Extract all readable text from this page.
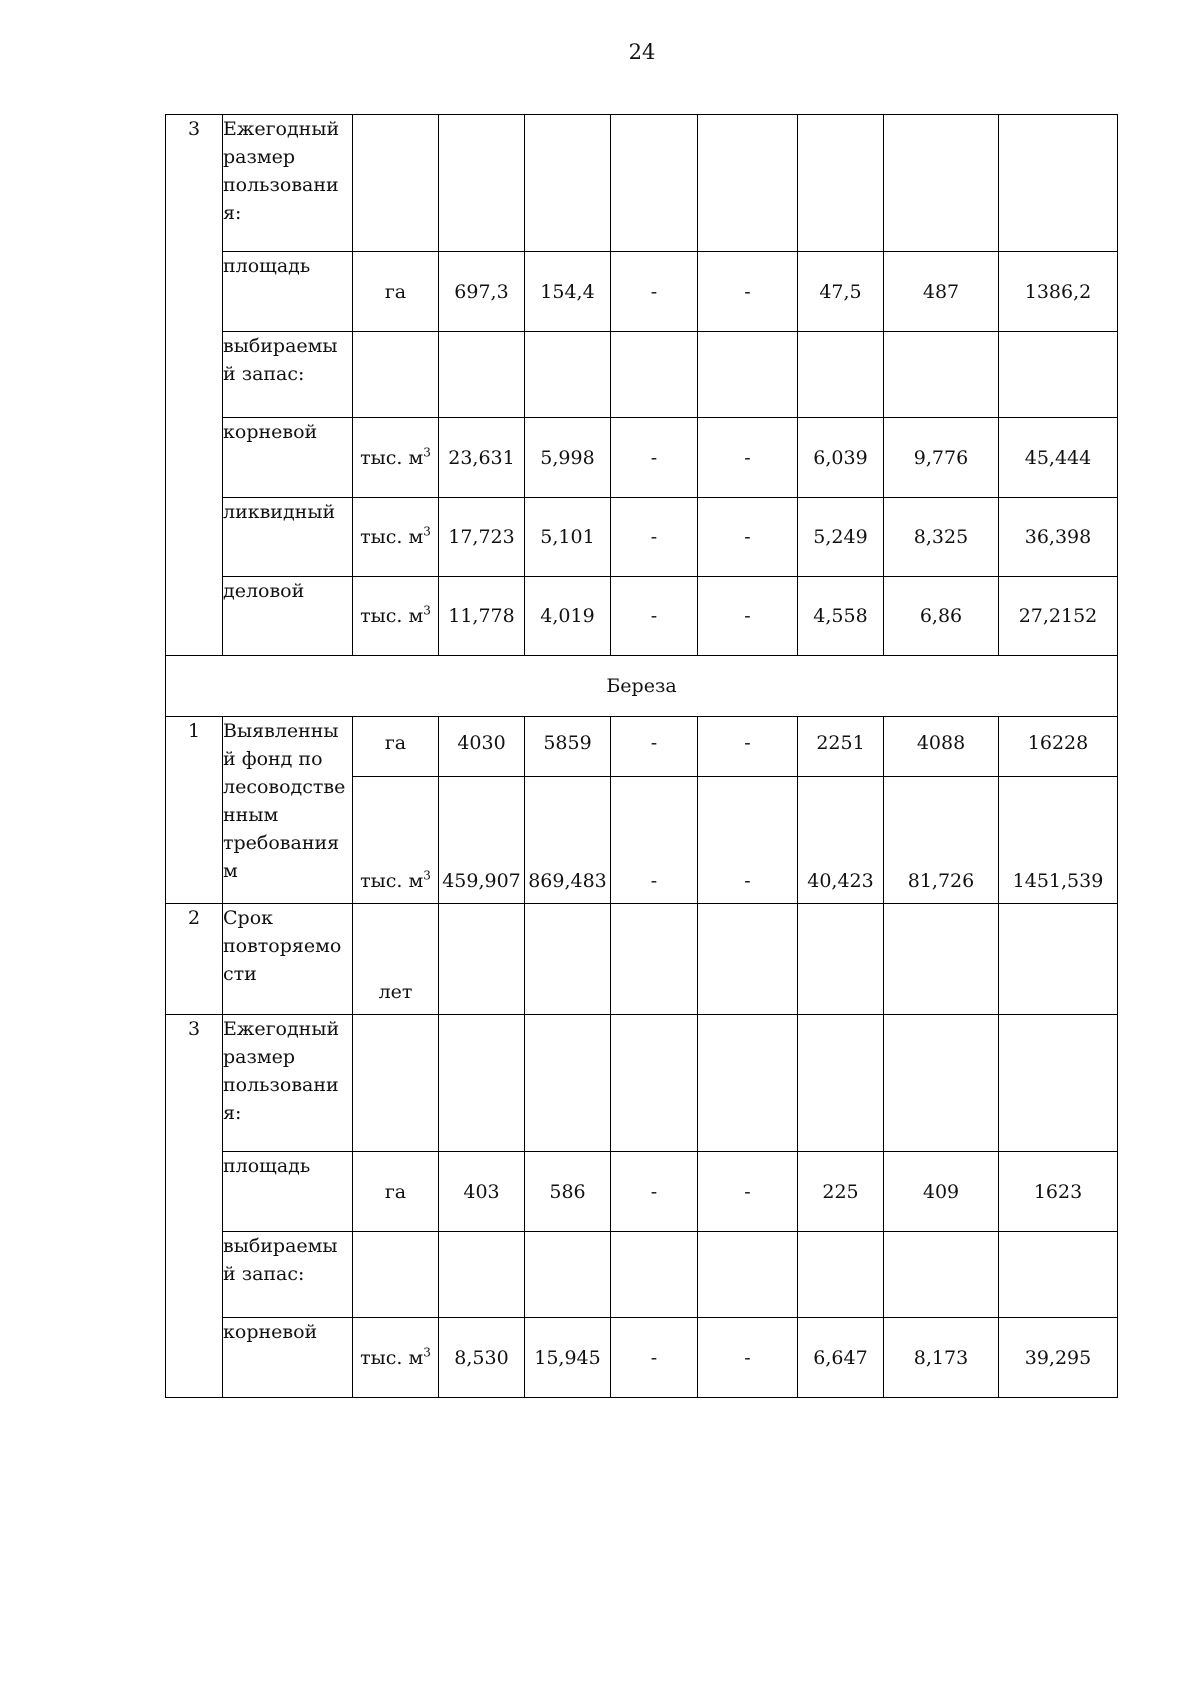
24
3	Ежегодный размер пользовани я:								
	площадь	га	697,3	154,4	-	-	47,5	487	1386,2
	выбираемы й запас:								
	корневой	тыс. $м^3$	23,631	5,998	-	-	6,039	9,776	45,444
	ликвидный	тыс. $м^3$	17,723	5,101	-	-	5,249	8,325	36,398
	деловой	тыс. $м^3$	11,778	4,019	-	-	4,558	6,86	27,2152
Береза									
1	Выявленны й фонд по лесоводстве нным требования м	га	4030	5859	-	-	2251	4088	16228
		тыс. $м^3$	459,907	869,483	-	-	40,423	81,726	1451,539
2	Срок повторяемо сти	лет							
3	Ежегодный размер пользовани я:								
	площадь	га	403	586	-	-	225	409	1623
	выбираемы й запас:								
	корневой	тыс. $м^3$	8,530	15,945	-	-	6,647	8,173	39,295
